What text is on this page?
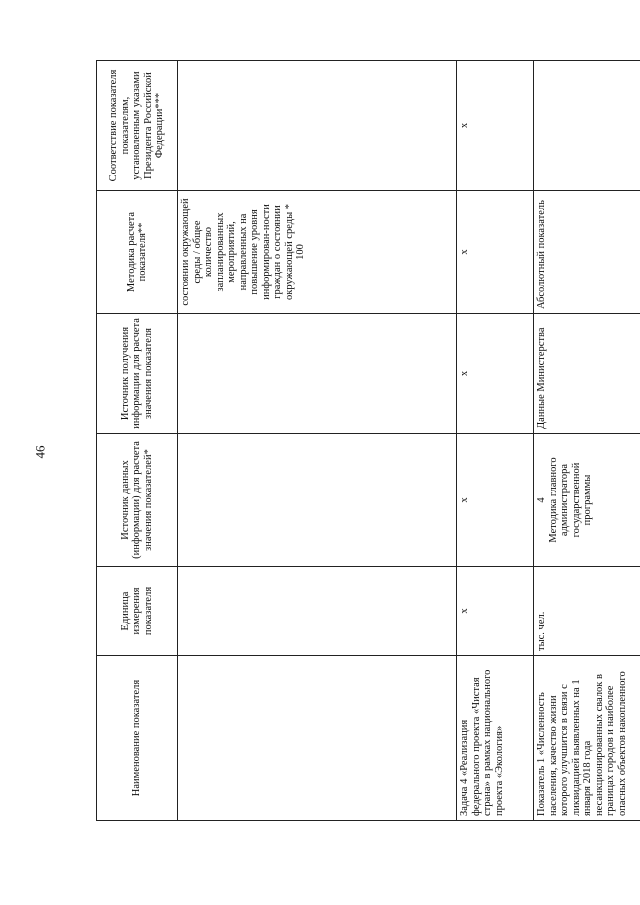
46
Наименование показателя	Единица измерения показателя	Источник данных (информации) для расчета значения показателей*	Источник получения информации для расчета значения показателя	Методика расчета показателя**	Соответствие показателя показателям, установленным указами Президента Российской Федерации***

				состоянии окружающей среды / общее количество запланированных мероприятий, направленных на повышение уровня информирован-ности граждан о состоянии окружающей среды * 100	

Задача 4 «Реализация федерального проекта «Чистая страна» в рамках национального проекта «Экология»	х	х	х	х	х
Показатель 1 «Численность населения, качество жизни которого улучшится в связи с ликвидацией выявленных на 1 января 2018 года несанкционированных свалок в границах городов и наиболее опасных объектов накопленного	тыс. чел.	4 Методика главного администратора государственной программы	Данные Министерства	Абсолютный показатель	
